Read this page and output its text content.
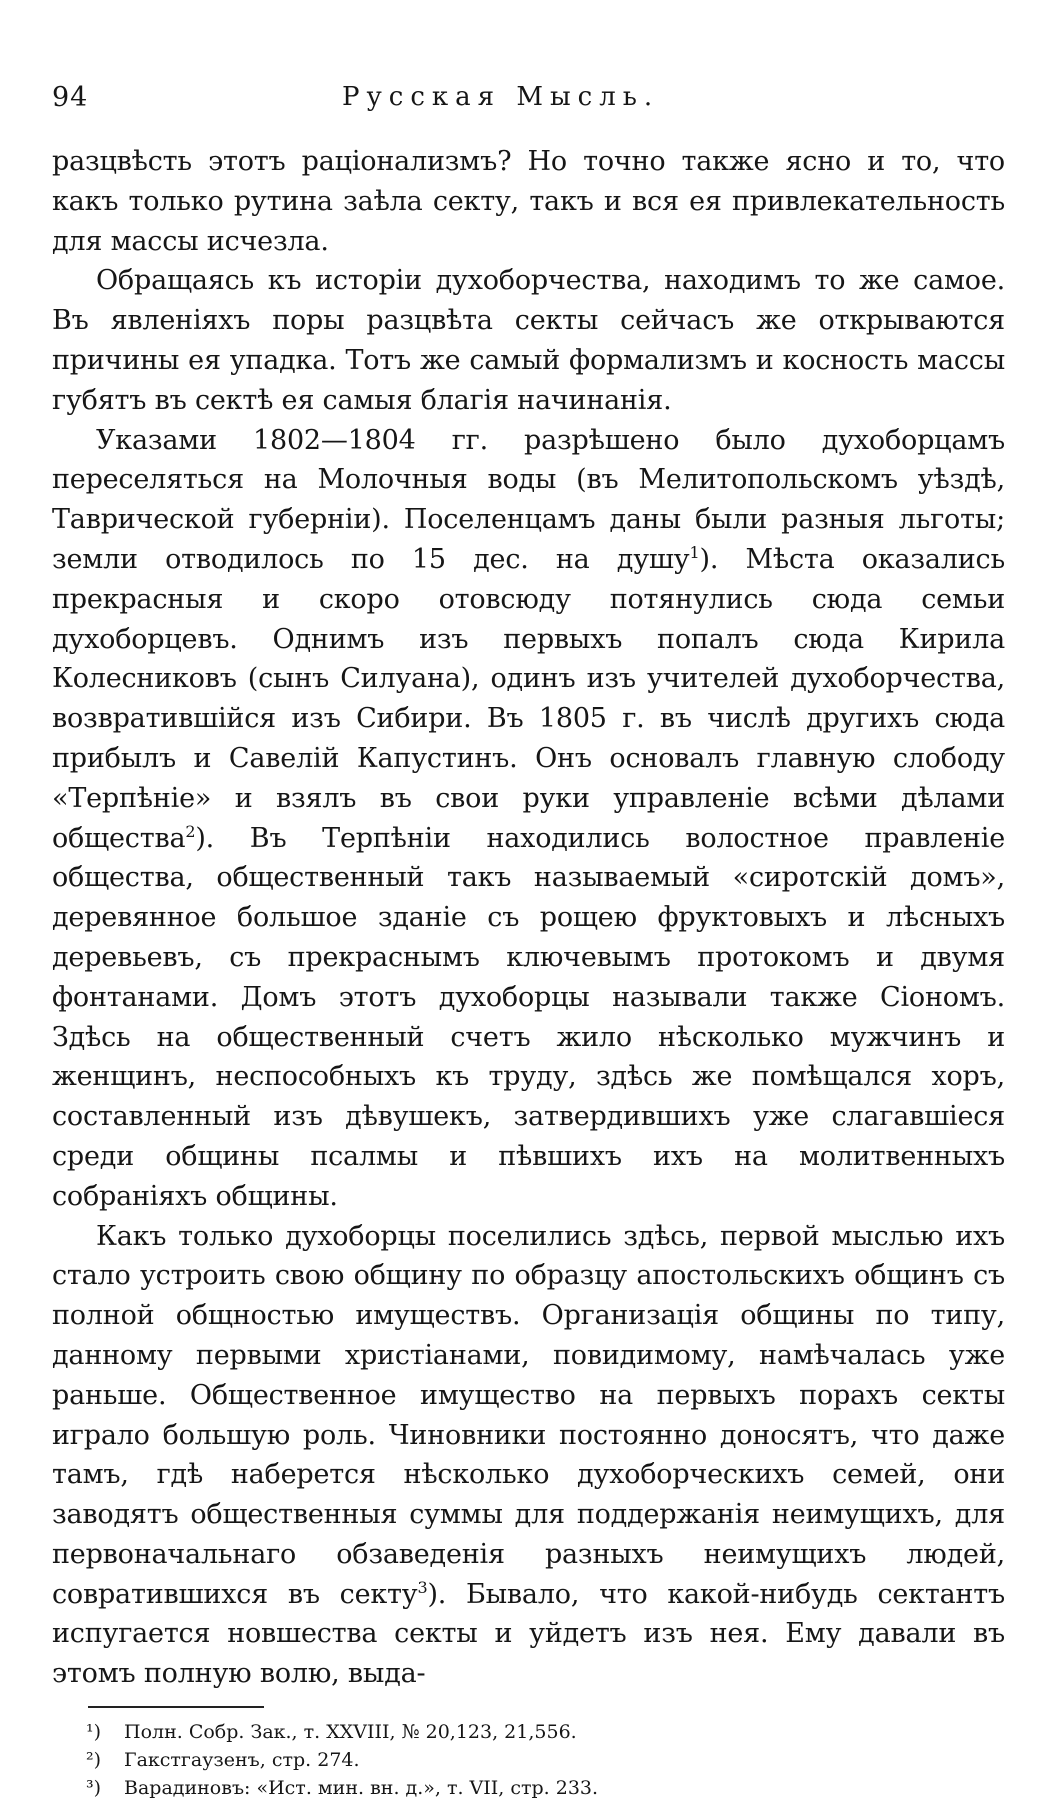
94	Русская Мысль.

разцвѣсть этотъ раціонализмъ? Но точно также ясно и то, что какъ только рутина заѣла секту, такъ и вся ея привлекательность для массы исчезла.

Обращаясь къ исторіи духоборчества, находимъ то же самое. Въ явленіяхъ поры разцвѣта секты сейчасъ же открываются причины ея упадка. Тотъ же самый формализмъ и косность массы губятъ въ сектѣ ея самыя благія начинанія.

Указами 1802—1804 гг. разрѣшено было духоборцамъ переселяться на Молочныя воды (въ Мелитопольскомъ уѣздѣ, Таврической губерніи). Поселенцамъ даны были разныя льготы; земли отводилось по 15 дес. на душу$^1$). Мѣста оказались прекрасныя и скоро отовсюду потянулись сюда семьи духоборцевъ. Однимъ изъ первыхъ попалъ сюда Кирила Колесниковъ (сынъ Силуана), одинъ изъ учителей духоборчества, возвратившійся изъ Сибири. Въ 1805 г. въ числѣ другихъ сюда прибылъ и Савелій Капустинъ. Онъ основалъ главную слободу «Терпѣніе» и взялъ въ свои руки управленіе всѣми дѣлами общества$^2$). Въ Терпѣніи находились волостное правленіе общества, общественный такъ называемый «сиротскій домъ», деревянное большое зданіе съ рощею фруктовыхъ и лѣсныхъ деревьевъ, съ прекраснымъ ключевымъ протокомъ и двумя фонтанами. Домъ этотъ духоборцы называли также Сіономъ. Здѣсь на общественный счетъ жило нѣсколько мужчинъ и женщинъ, неспособныхъ къ труду, здѣсь же помѣщался хоръ, составленный изъ дѣвушекъ, затвердившихъ уже слагавшіеся среди общины псалмы и пѣвшихъ ихъ на молитвенныхъ собраніяхъ общины.

Какъ только духоборцы поселились здѣсь, первой мыслью ихъ стало устроить свою общину по образцу апостольскихъ общинъ съ полной общностью имуществъ. Организація общины по типу, данному первыми христіанами, повидимому, намѣчалась уже раньше. Общественное имущество на первыхъ порахъ секты играло большую роль. Чиновники постоянно доносятъ, что даже тамъ, гдѣ наберется нѣсколько духоборческихъ семей, они заводятъ общественныя суммы для поддержанія неимущихъ, для первоначальнаго обзаведенія разныхъ неимущихъ людей, совратившихся въ секту$^3$). Бывало, что какой-нибудь сектантъ испугается новшества секты и уйдетъ изъ нея. Ему давали въ этомъ полную волю, выда-

¹) Полн. Собр. Зак., т. XXVIII, № 20,123, 21,556.
²) Гакстгаузенъ, стр. 274.
³) Варадиновъ: «Ист. мин. вн. д.», т. VII, стр. 233.
